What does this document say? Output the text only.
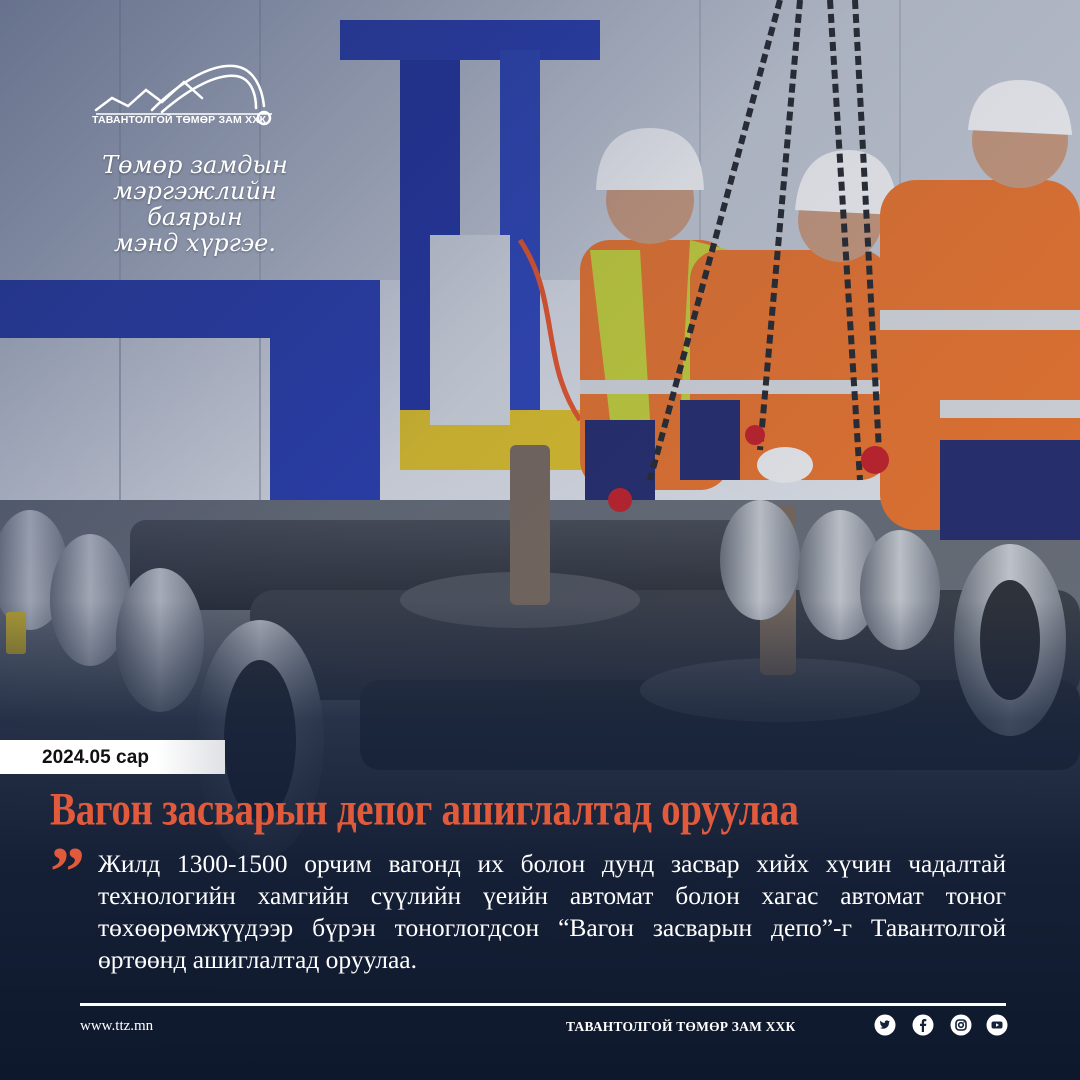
ТАВАНТОЛГОЙ ТӨМӨР ЗАМ ХХК
Төмөр замдын
мэргэжлийн баярын
мэнд хүргэе.
2024.05 сар
Вагон засварын депог ашиглалтад оруулаа
” Жилд 1300-1500 орчим вагонд их болон дунд засвар хийх хүчин чадалтай технологийн хамгийн сүүлийн үеийн автомат болон хагас автомат тоног төхөөрөмжүүдээр бүрэн тоноглогдсон “Вагон засварын депо”-г Тавантолгой өртөөнд ашиглалтад оруулаа.
www.ttz.mn	ТАВАНТОЛГОЙ ТӨМӨР ЗАМ ХХК
